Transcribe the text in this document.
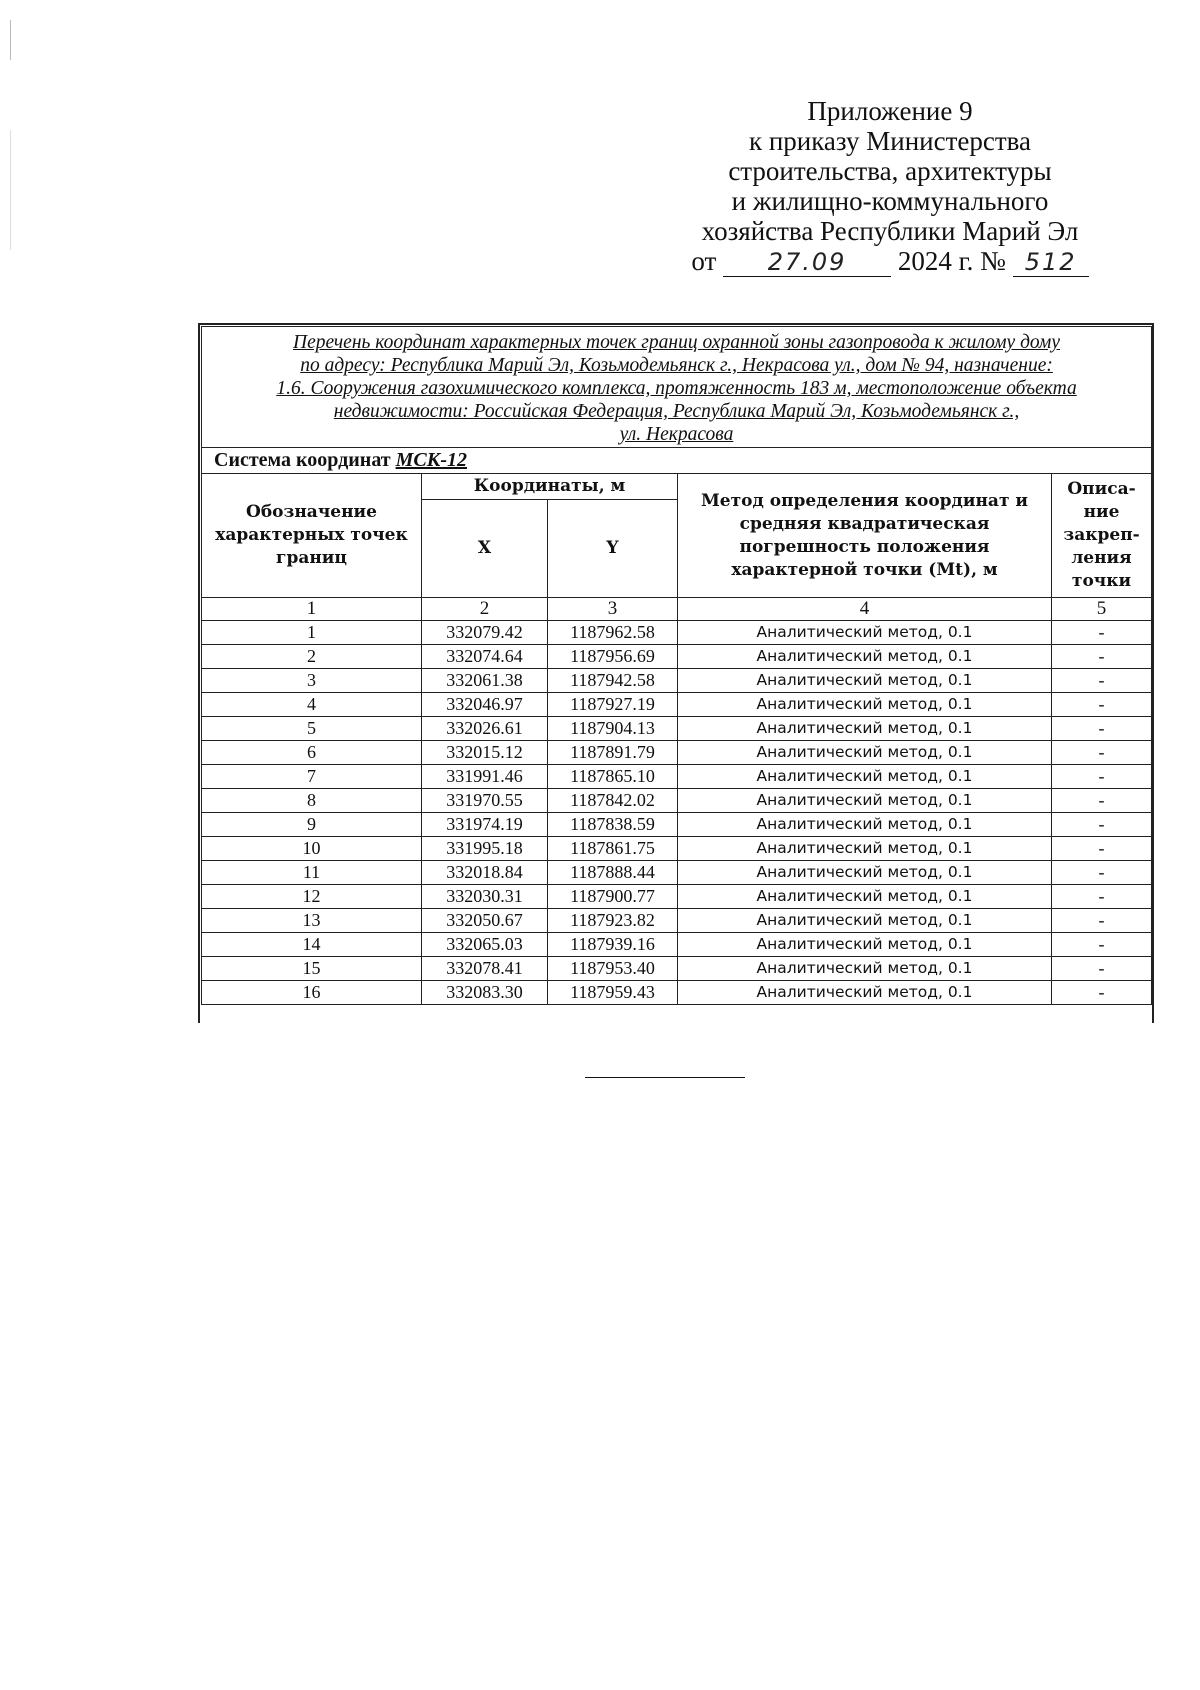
Приложение 9
к приказу Министерства
строительства, архитектуры
и жилищно-коммунального
хозяйства Республики Марий Эл
от 27.09 2024 г. № 512
Перечень координат характерных точек границ охранной зоны газопровода к жилому дому
по адресу: Республика Марий Эл, Козьмодемьянск г., Некрасова ул., дом № 94, назначение:
1.6. Сооружения газохимического комплекса, протяженность 183 м, местоположение объекта
недвижимости: Российская Федерация, Республика Марий Эл, Козьмодемьянск г.,
ул. Некрасова				

Система координат МСК-12				

Обозначение
характерных точек
границ	Координаты, м		Метод определения координат и
средняя квадратическая
погрешность положения
характерной точки (Mt), м	Описа-
ние
закреп-
ления
точки

	X	Y		
1	2	3	4	5
1	332079.42	1187962.58	Аналитический метод, 0.1	-
2	332074.64	1187956.69	Аналитический метод, 0.1	-
3	332061.38	1187942.58	Аналитический метод, 0.1	-
4	332046.97	1187927.19	Аналитический метод, 0.1	-
5	332026.61	1187904.13	Аналитический метод, 0.1	-
6	332015.12	1187891.79	Аналитический метод, 0.1	-
7	331991.46	1187865.10	Аналитический метод, 0.1	-
8	331970.55	1187842.02	Аналитический метод, 0.1	-
9	331974.19	1187838.59	Аналитический метод, 0.1	-
10	331995.18	1187861.75	Аналитический метод, 0.1	-
11	332018.84	1187888.44	Аналитический метод, 0.1	-
12	332030.31	1187900.77	Аналитический метод, 0.1	-
13	332050.67	1187923.82	Аналитический метод, 0.1	-
14	332065.03	1187939.16	Аналитический метод, 0.1	-
15	332078.41	1187953.40	Аналитический метод, 0.1	-
16	332083.30	1187959.43	Аналитический метод, 0.1	-
